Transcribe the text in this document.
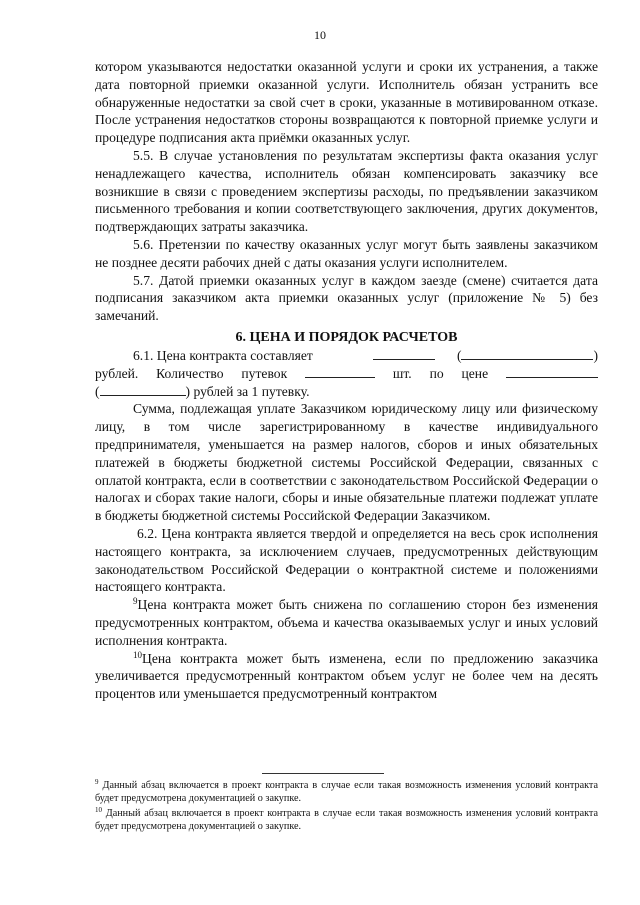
10

котором указываются недостатки оказанной услуги и сроки их устранения, а также дата повторной приемки оказанной услуги. Исполнитель обязан устранить все обнаруженные недостатки за свой счет в сроки, указанные в мотивированном отказе. После устранения недостатков стороны возвращаются к повторной приемке услуги и процедуре подписания акта приёмки оказанных услуг.

5.5. В случае установления по результатам экспертизы факта оказания услуг ненадлежащего качества, исполнитель обязан компенсировать заказчику все возникшие в связи с проведением экспертизы расходы, по предъявлении заказчиком письменного требования и копии соответствующего заключения, других документов, подтверждающих затраты заказчика.

5.6. Претензии по качеству оказанных услуг могут быть заявлены заказчиком не позднее десяти рабочих дней с даты оказания услуги исполнителем.

5.7. Датой приемки оказанных услуг в каждом заезде (смене) считается дата подписания заказчиком акта приемки оказанных услуг (приложение № 5) без замечаний.

6. ЦЕНА И ПОРЯДОК РАСЧЕТОВ
6.1. Цена контракта составляет	(	)
рублей. Количество путевок	шт. по цене
(	) рублей за 1 путевку.

Сумма, подлежащая уплате Заказчиком юридическому лицу или физическому лицу, в том числе зарегистрированному в качестве индивидуального предпринимателя, уменьшается на размер налогов, сборов и иных обязательных платежей в бюджеты бюджетной системы Российской Федерации, связанных с оплатой контракта, если в соответствии с законодательством Российской Федерации о налогах и сборах такие налоги, сборы и иные обязательные платежи подлежат уплате в бюджеты бюджетной системы Российской Федерации Заказчиком.

6.2. Цена контракта является твердой и определяется на весь срок исполнения настоящего контракта, за исключением случаев, предусмотренных действующим законодательством Российской Федерации о контрактной системе и положениями настоящего контракта.

$^9$Цена контракта может быть снижена по соглашению сторон без изменения предусмотренных контрактом, объема и качества оказываемых услуг и иных условий исполнения контракта.

$^{10}$Цена контракта может быть изменена, если по предложению заказчика увеличивается предусмотренный контрактом объем услуг не более чем на десять процентов или уменьшается предусмотренный контрактом

$^9$ Данный абзац включается в проект контракта в случае если такая возможность изменения условий контракта будет предусмотрена документацией о закупке.

$^{10}$ Данный абзац включается в проект контракта в случае если такая возможность изменения условий контракта будет предусмотрена документацией о закупке.
